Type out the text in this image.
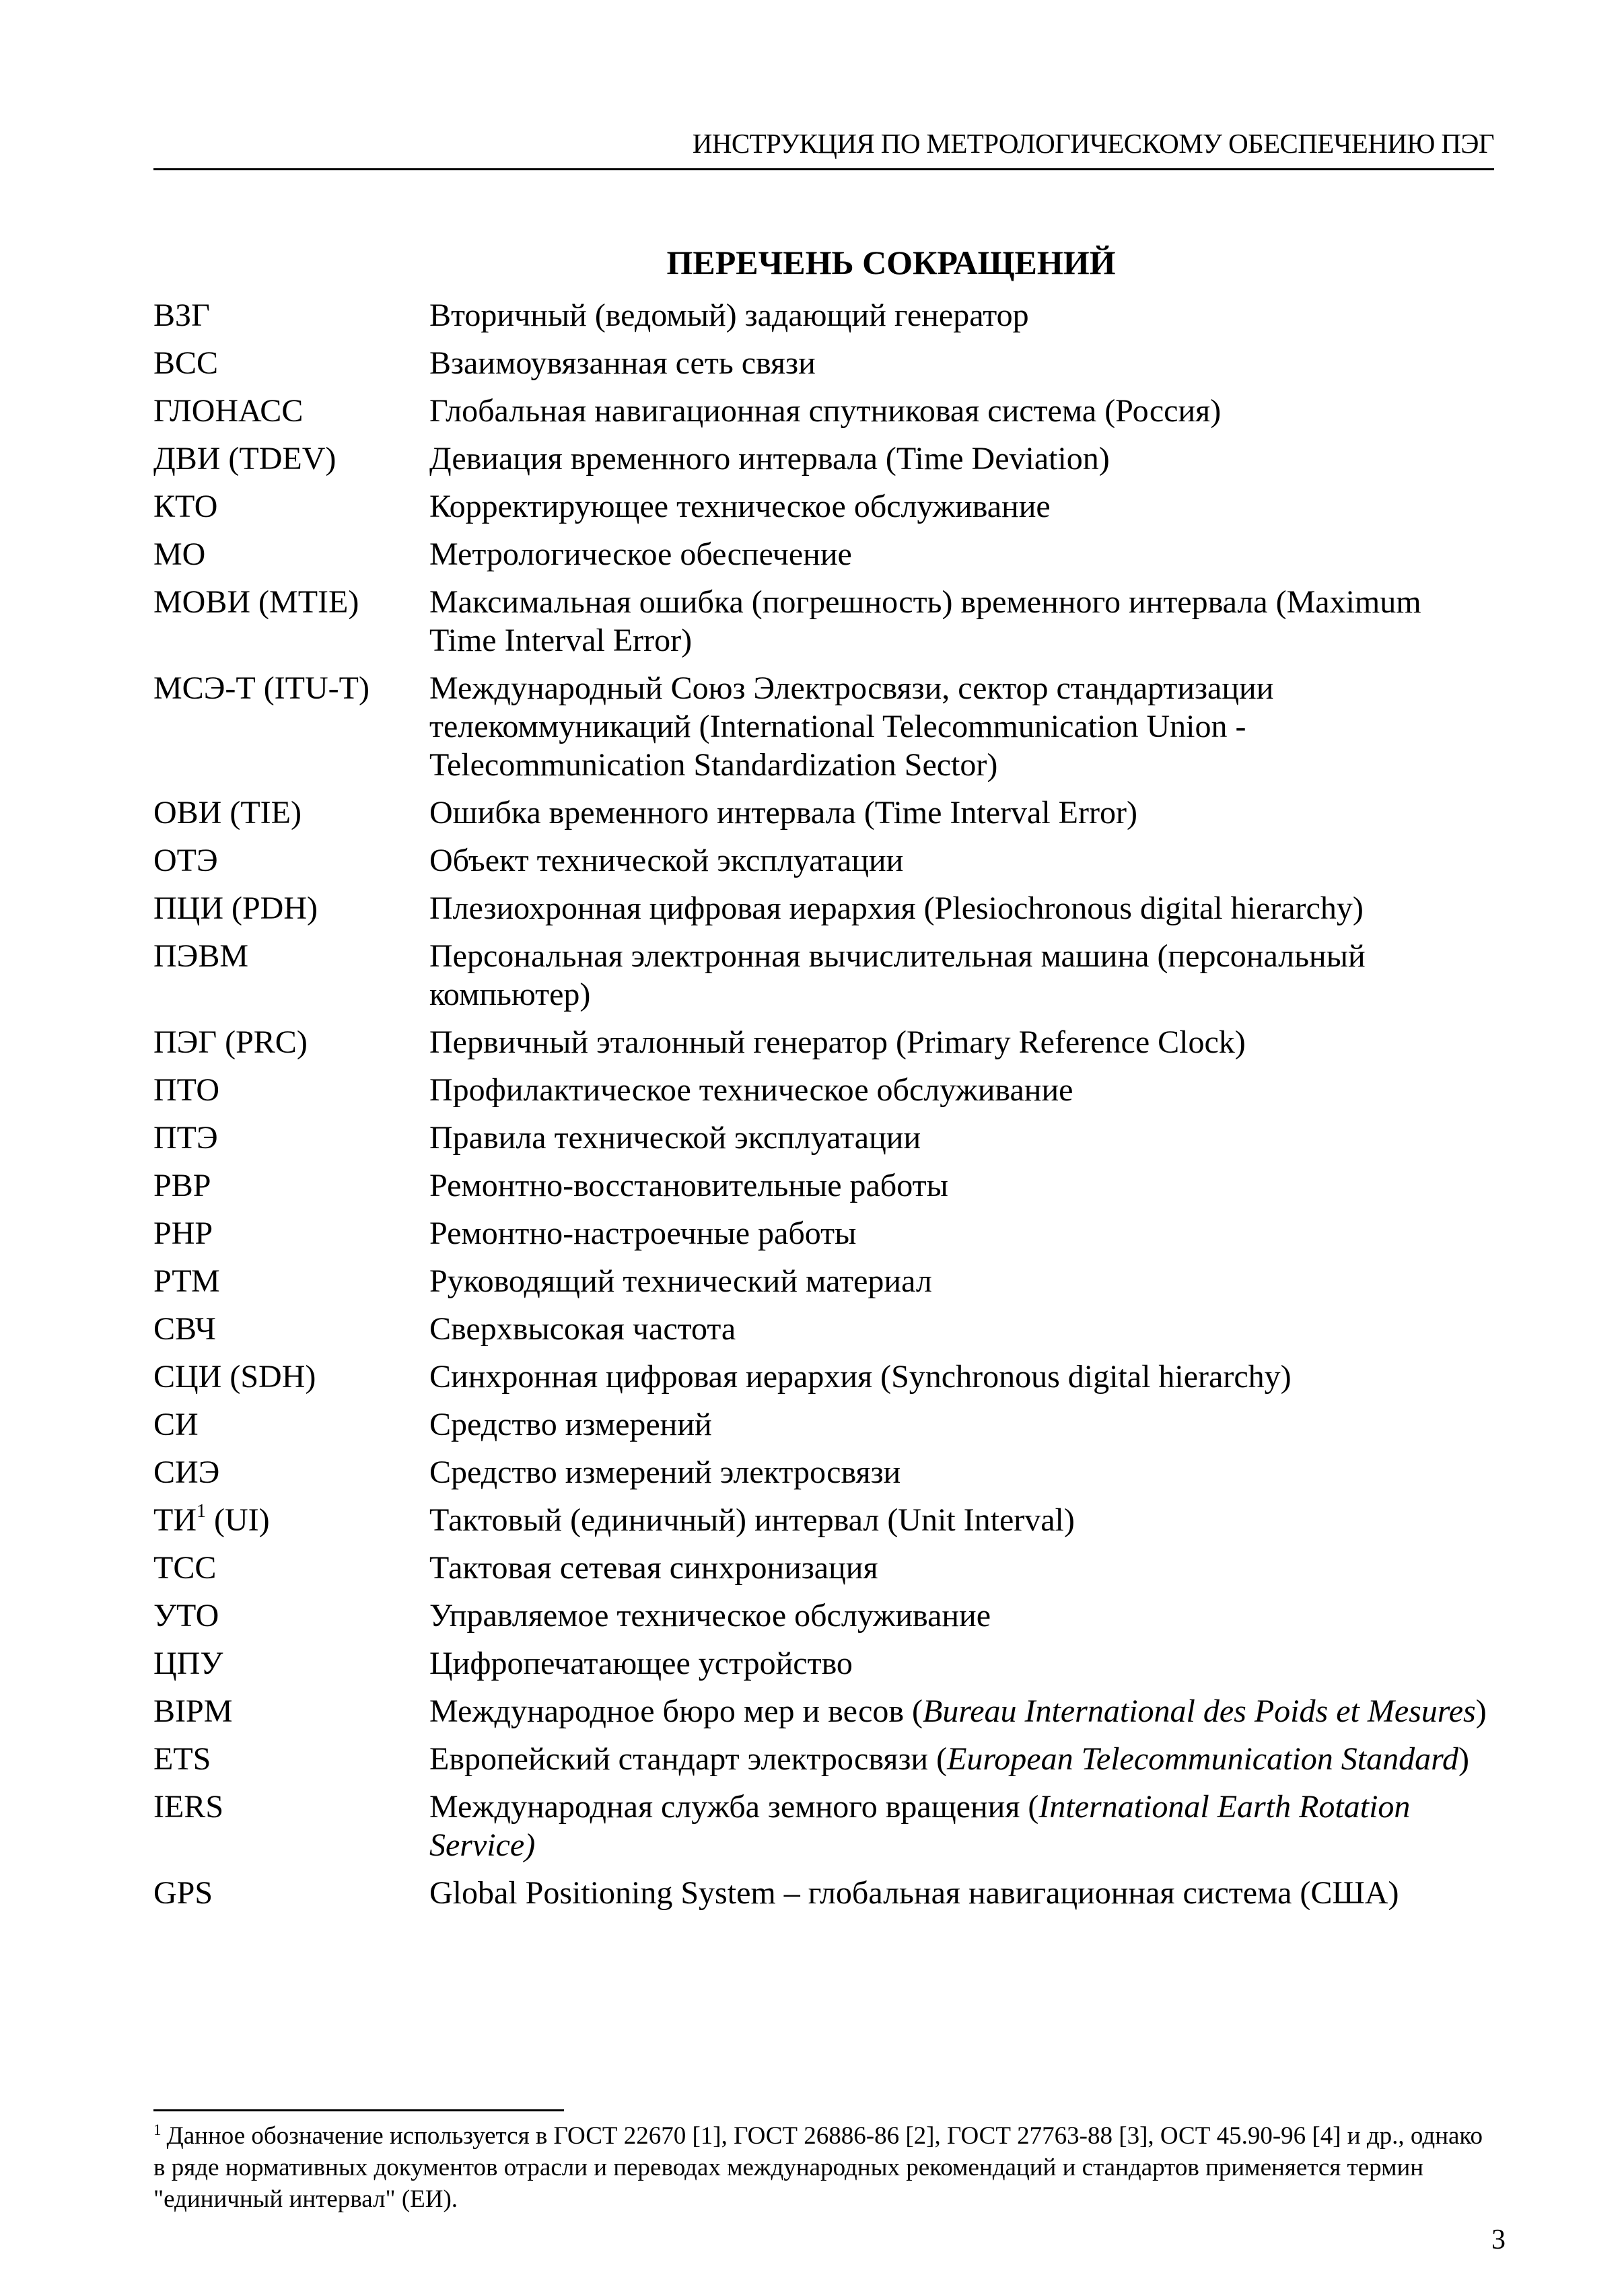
ИНСТРУКЦИЯ ПО МЕТРОЛОГИЧЕСКОМУ ОБЕСПЕЧЕНИЮ ПЭГ
ПЕРЕЧЕНЬ СОКРАЩЕНИЙ
ВЗГ	Вторичный (ведомый) задающий генератор
ВСС	Взаимоувязанная сеть связи
ГЛОНАСС	Глобальная навигационная спутниковая система (Россия)
ДВИ (TDEV)	Девиация временного интервала (Time Deviation)
КТО	Корректирующее техническое обслуживание
МО	Метрологическое обеспечение
МОВИ (MTIE)	Максимальная ошибка (погрешность) временного интервала (Maximum Time Interval Error)
МСЭ-Т (ITU-T)	Международный Союз Электросвязи, сектор стандартизации телекоммуникаций (International Telecommunication Union - Telecommunication Standardization Sector)
ОВИ (TIE)	Ошибка временного интервала (Time Interval Error)
ОТЭ	Объект технической эксплуатации
ПЦИ (PDH)	Плезиохронная цифровая иерархия (Plesiochronous digital hierarchy)
ПЭВМ	Персональная электронная вычислительная машина (персональный компьютер)
ПЭГ (PRC)	Первичный эталонный генератор (Primary Reference Clock)
ПТО	Профилактическое техническое обслуживание
ПТЭ	Правила технической эксплуатации
РВР	Ремонтно-восстановительные работы
РНР	Ремонтно-настроечные работы
РТМ	Руководящий технический материал
СВЧ	Сверхвысокая частота
СЦИ (SDH)	Синхронная цифровая иерархия (Synchronous digital hierarchy)
СИ	Средство измерений
СИЭ	Средство измерений электросвязи
$ТИ^1$ (UI)	Тактовый (единичный) интервал (Unit Interval)
ТСС	Тактовая сетевая синхронизация
УТО	Управляемое техническое обслуживание
ЦПУ	Цифропечатающее устройство
BIPM	Международное бюро мер и весов (Bureau International des Poids et Mesures)
ETS	Европейский стандарт электросвязи (European Telecommunication Standard)
IERS	Международная служба земного вращения (International Earth Rotation Service)
GPS	Global Positioning System – глобальная навигационная система (США)
$^1$ Данное обозначение используется в ГОСТ 22670 [1], ГОСТ 26886-86 [2], ГОСТ 27763-88 [3], ОСТ 45.90-96 [4] и др., однако в ряде нормативных документов отрасли и переводах международных рекомендаций и стандартов применяется термин "единичный интервал" (ЕИ).
3
